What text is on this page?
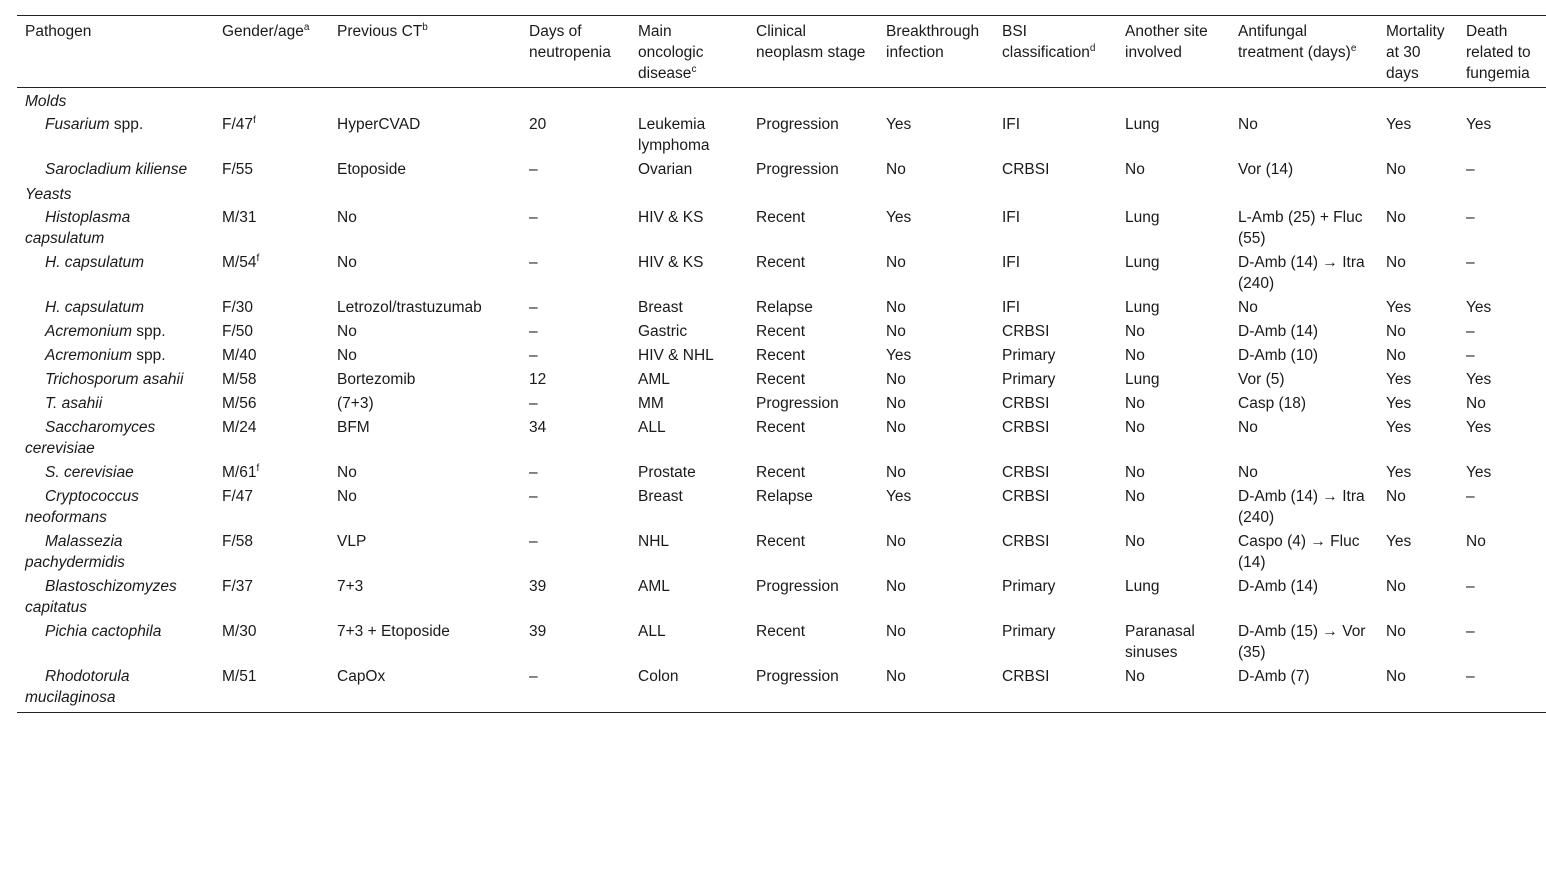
Pathogen	Gender/age$^a$	Previous $CT^b$	Days of neutropenia	Main oncologic disease$^c$	Clinical neoplasm stage	Breakthrough infection	BSI classification$^d$	Another site involved	Antifungal treatment (days)$^e$	Mortality at 30 days	Death related to fungemia
Molds											
Fusarium spp.	F/47$^f$	HyperCVAD	20	Leukemia lymphoma	Progression	Yes	IFI	Lung	No	Yes	Yes
Sarocladium kiliense	F/55	Etoposide	–	Ovarian	Progression	No	CRBSI	No	Vor (14)	No	–
Yeasts											
Histoplasma capsulatum	M/31	No	–	HIV & KS	Recent	Yes	IFI	Lung	L-Amb (25) + Fluc (55)	No	–
H. capsulatum	M/54$^f$	No	–	HIV & KS	Recent	No	IFI	Lung	D-Amb (14) → Itra (240)	No	–
H. capsulatum	F/30	Letrozol/trastuzumab	–	Breast	Relapse	No	IFI	Lung	No	Yes	Yes
Acremonium spp.	F/50	No	–	Gastric	Recent	No	CRBSI	No	D-Amb (14)	No	–
Acremonium spp.	M/40	No	–	HIV & NHL	Recent	Yes	Primary	No	D-Amb (10)	No	–
Trichosporum asahii	M/58	Bortezomib	12	AML	Recent	No	Primary	Lung	Vor (5)	Yes	Yes
T. asahii	M/56	(7+3)	–	MM	Progression	No	CRBSI	No	Casp (18)	Yes	No
Saccharomyces cerevisiae	M/24	BFM	34	ALL	Recent	No	CRBSI	No	No	Yes	Yes
S. cerevisiae	M/61$^f$	No	–	Prostate	Recent	No	CRBSI	No	No	Yes	Yes
Cryptococcus neoformans	F/47	No	–	Breast	Relapse	Yes	CRBSI	No	D-Amb (14) → Itra (240)	No	–
Malassezia pachydermidis	F/58	VLP	–	NHL	Recent	No	CRBSI	No	Caspo (4) → Fluc (14)	Yes	No
Blastoschizomyzes capitatus	F/37	7+3	39	AML	Progression	No	Primary	Lung	D-Amb (14)	No	–
Pichia cactophila	M/30	7+3 + Etoposide	39	ALL	Recent	No	Primary	Paranasal sinuses	D-Amb (15) → Vor (35)	No	–
Rhodotorula mucilaginosa	M/51	CapOx	–	Colon	Progression	No	CRBSI	No	D-Amb (7)	No	–
